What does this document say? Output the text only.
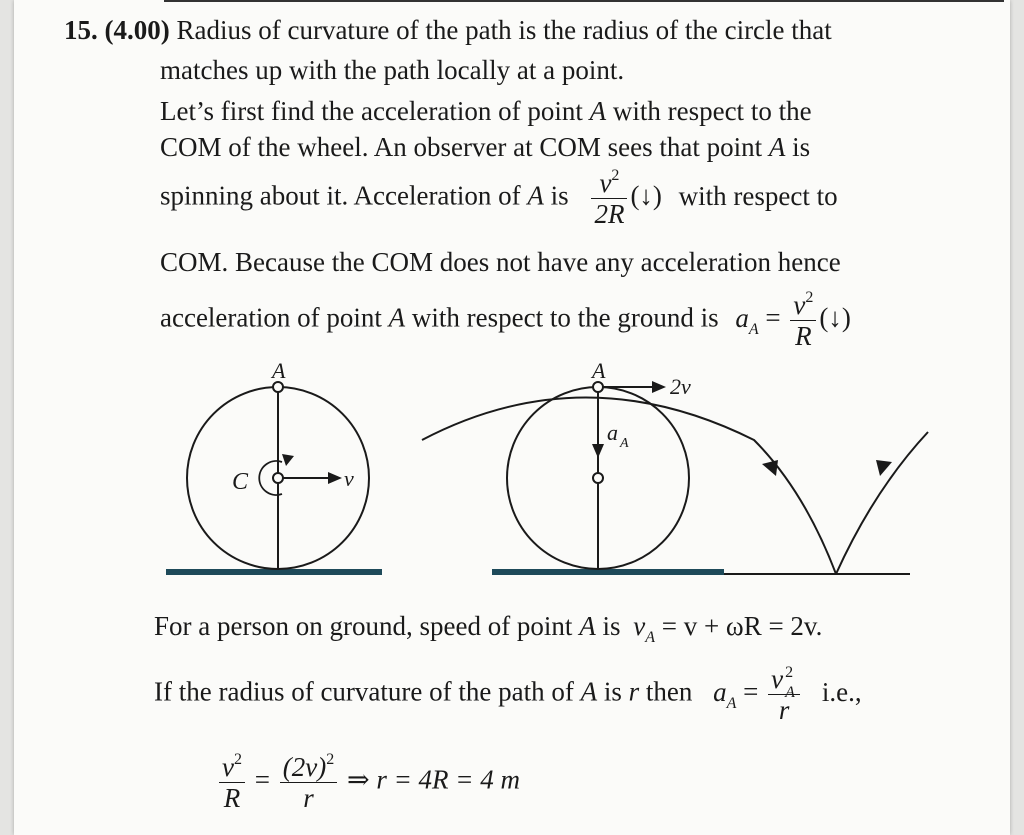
15. (4.00) Radius of curvature of the path is the radius of the circle that
matches up with the path locally at a point.
Let’s first find the acceleration of point A with respect to the
COM of the wheel. An observer at COM sees that point A is
spinning about it. Acceleration of A is $\frac{v^2}{2R}$ (↓) with respect to
COM. Because the COM does not have any acceleration hence
acceleration of point A with respect to the ground is $a_A = \frac{v^2}{R}$ (↓)
A
C	v
A
2v
a A
For a person on ground, speed of point A is $v_A = v + \omega R = 2v$.
If the radius of curvature of the path of A is r then $a_A = v$ 2
A
r i.e.,
$\frac{v^2}{R} = \frac{(2v)^2}{r}$ ⇒ r = 4R = 4 m
